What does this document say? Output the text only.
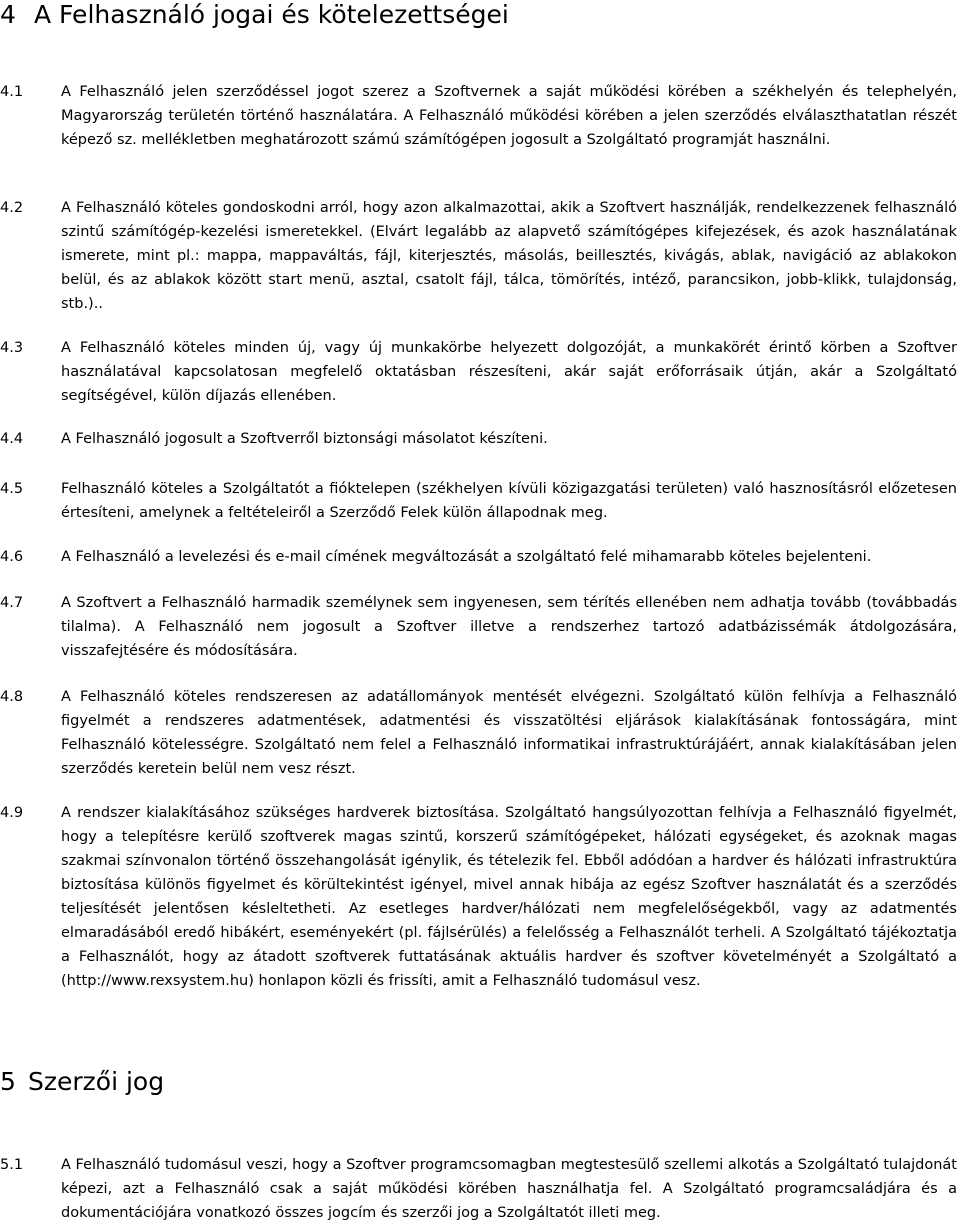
4 A Felhasználó jogai és kötelezettségei
4.1	A Felhasználó jelen szerződéssel jogot szerez a Szoftvernek a saját működési körében a székhelyén és telephelyén, Magyarország területén történő használatára. A Felhasználó működési körében a jelen szerződés elválaszthatatlan részét képező sz. mellékletben meghatározott számú számítógépen jogosult a Szolgáltató programját használni.
4.2	A Felhasználó köteles gondoskodni arról, hogy azon alkalmazottai, akik a Szoftvert használják, rendelkezzenek felhasználó szintű számítógép-kezelési ismeretekkel. (Elvárt legalább az alapvető számítógépes kifejezések, és azok használatának ismerete, mint pl.: mappa, mappaváltás, fájl, kiterjesztés, másolás, beillesztés, kivágás, ablak, navigáció az ablakokon belül, és az ablakok között start menü, asztal, csatolt fájl, tálca, tömörítés, intéző, parancsikon, jobb-klikk, tulajdonság, stb.)..
4.3	A Felhasználó köteles minden új, vagy új munkakörbe helyezett dolgozóját, a munkakörét érintő körben a Szoftver használatával kapcsolatosan megfelelő oktatásban részesíteni, akár saját erőforrásaik útján, akár a Szolgáltató segítségével, külön díjazás ellenében.
4.4	A Felhasználó jogosult a Szoftverről biztonsági másolatot készíteni.
4.5	Felhasználó köteles a Szolgáltatót a fióktelepen (székhelyen kívüli közigazgatási területen) való hasznosításról előzetesen értesíteni, amelynek a feltételeiről a Szerződő Felek külön állapodnak meg.
4.6	A Felhasználó a levelezési és e-mail címének megváltozását a szolgáltató felé mihamarabb köteles bejelenteni.
4.7	A Szoftvert a Felhasználó harmadik személynek sem ingyenesen, sem térítés ellenében nem adhatja tovább (továbbadás tilalma). A Felhasználó nem jogosult a Szoftver illetve a rendszerhez tartozó adatbázissémák átdolgozására, visszafejtésére és módosítására.
4.8	A Felhasználó köteles rendszeresen az adatállományok mentését elvégezni. Szolgáltató külön felhívja a Felhasználó figyelmét a rendszeres adatmentések, adatmentési és visszatöltési eljárások kialakításának fontosságára, mint Felhasználó kötelességre. Szolgáltató nem felel a Felhasználó informatikai infrastruktúrájáért, annak kialakításában jelen szerződés keretein belül nem vesz részt.
4.9	A rendszer kialakításához szükséges hardverek biztosítása. Szolgáltató hangsúlyozottan felhívja a Felhasználó figyelmét, hogy a telepítésre kerülő szoftverek magas szintű, korszerű számítógépeket, hálózati egységeket, és azoknak magas szakmai színvonalon történő összehangolását igénylik, és tételezik fel. Ebből adódóan a hardver és hálózati infrastruktúra biztosítása különös figyelmet és körültekintést igényel, mivel annak hibája az egész Szoftver használatát és a szerződés teljesítését jelentősen késleltetheti. Az esetleges hardver/hálózati nem megfelelőségekből, vagy az adatmentés elmaradásából eredő hibákért, eseményekért (pl. fájlsérülés) a felelősség a Felhasználót terheli. A Szolgáltató tájékoztatja a Felhasználót, hogy az átadott szoftverek futtatásának aktuális hardver és szoftver követelményét a Szolgáltató a (http://www.rexsystem.hu) honlapon közli és frissíti, amit a Felhasználó tudomásul vesz.
5 Szerzői jog
5.1	A Felhasználó tudomásul veszi, hogy a Szoftver programcsomagban megtestesülő szellemi alkotás a Szolgáltató tulajdonát képezi, azt a Felhasználó csak a saját működési körében használhatja fel. A Szolgáltató programcsaládjára és a dokumentációjára vonatkozó összes jogcím és szerzői jog a Szolgáltatót illeti meg.
